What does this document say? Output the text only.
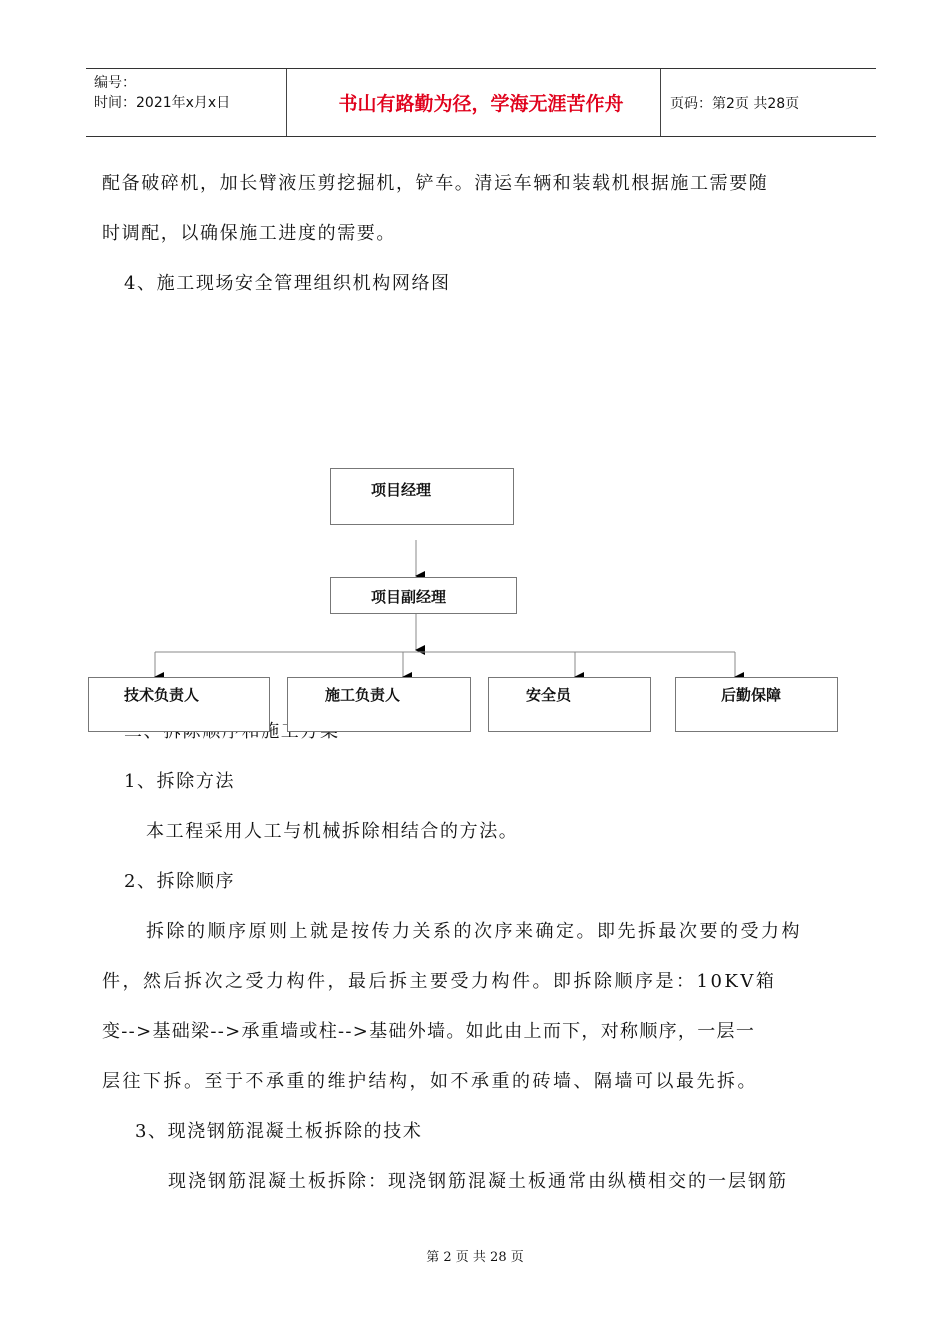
编号：
时间：2021年x月x日	书山有路勤为径，学海无涯苦作舟	页码：第2页 共28页
配备破碎机，加长臂液压剪挖掘机，铲车。清运车辆和装载机根据施工需要随
时调配，以确保施工进度的需要。
4、施工现场安全管理组织机构网络图
项目经理
项目副经理
技术负责人	施工负责人	安全员	后勤保障
1、拆除方法
本工程采用人工与机械拆除相结合的方法。
2、拆除顺序
拆除的顺序原则上就是按传力关系的次序来确定。即先拆最次要的受力构
件，然后拆次之受力构件，最后拆主要受力构件。即拆除顺序是：10KV箱
变-->基础梁-->承重墙或柱-->基础外墙。如此由上而下，对称顺序，一层一
层往下拆。至于不承重的维护结构，如不承重的砖墙、隔墙可以最先拆。
3、现浇钢筋混凝土板拆除的技术
现浇钢筋混凝土板拆除：现浇钢筋混凝土板通常由纵横相交的一层钢筋
第 2 页 共 28 页
